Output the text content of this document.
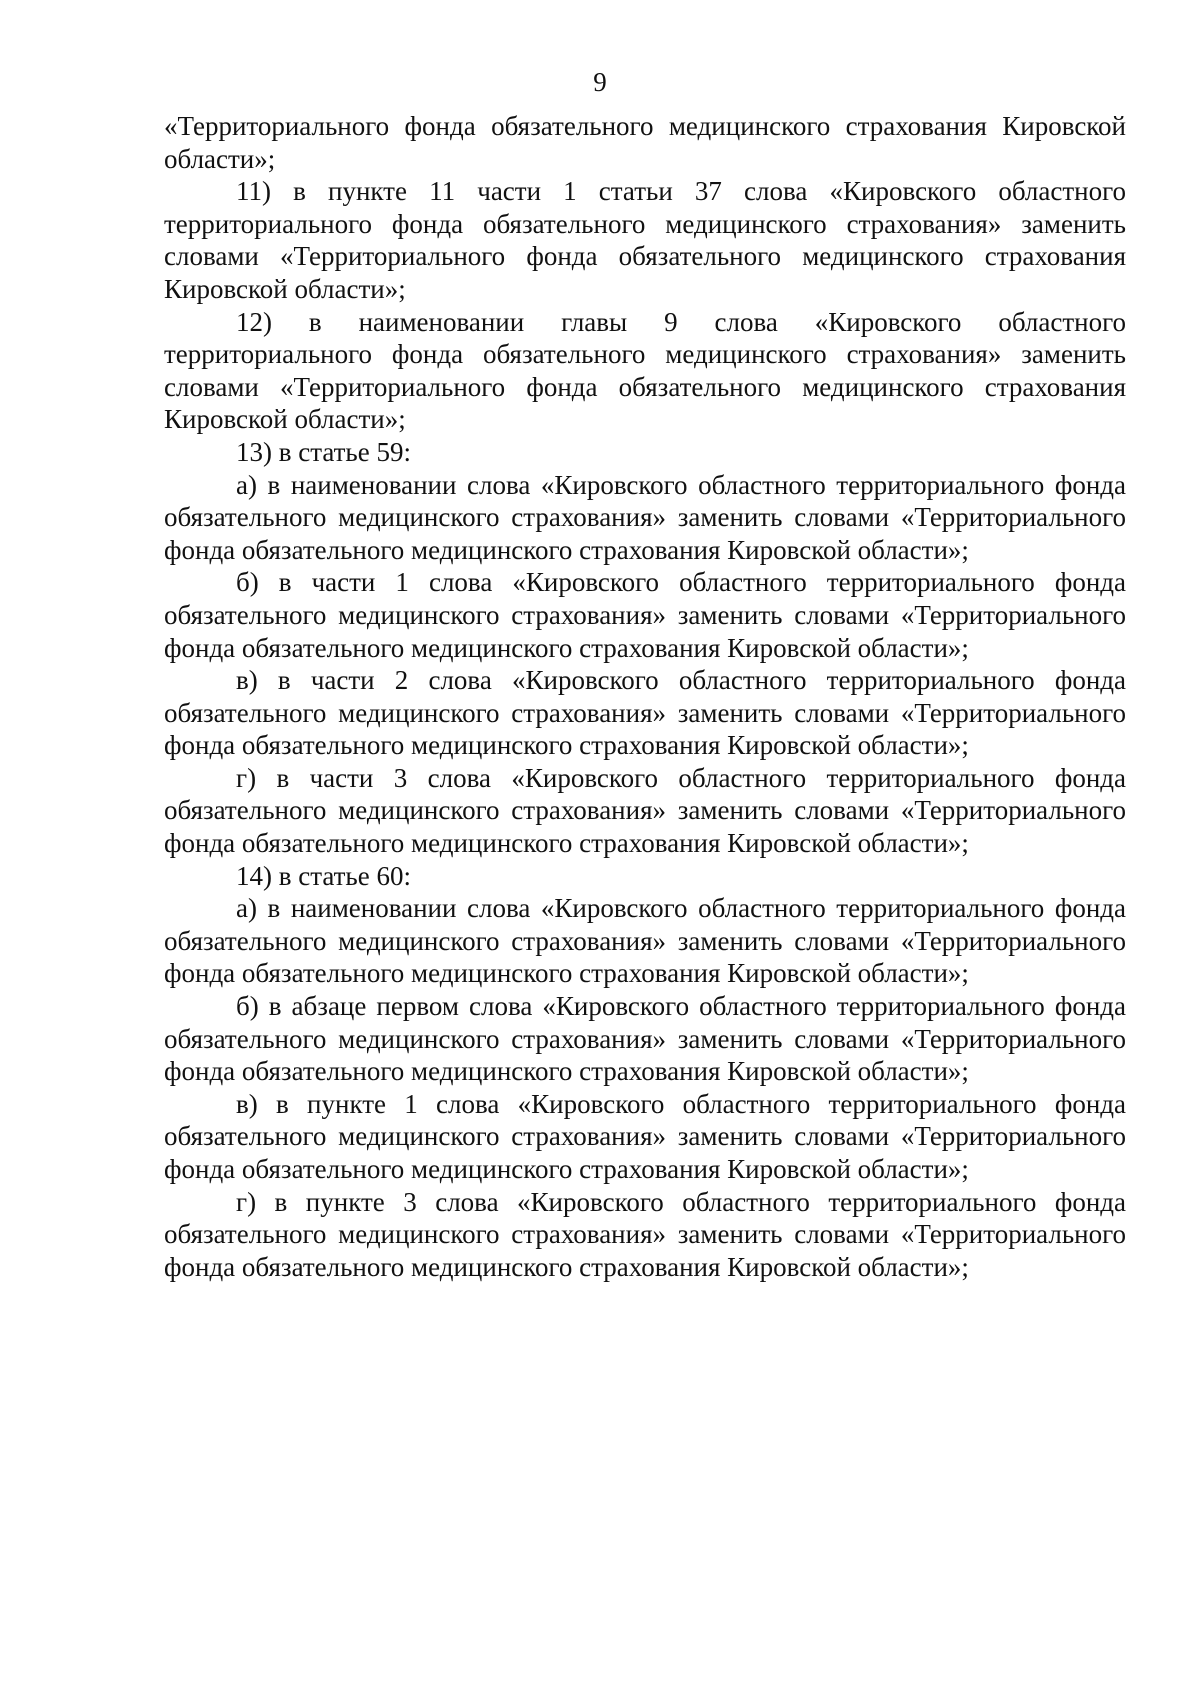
9

«Территориального фонда обязательного медицинского страхования Кировской области»;

11) в пункте 11 части 1 статьи 37 слова «Кировского областного территориального фонда обязательного медицинского страхования» заменить словами «Территориального фонда обязательного медицинского страхования Кировской области»;

12) в наименовании главы 9 слова «Кировского областного территориального фонда обязательного медицинского страхования» заменить словами «Территориального фонда обязательного медицинского страхования Кировской области»;

13) в статье 59:

а) в наименовании слова «Кировского областного территориального фонда обязательного медицинского страхования» заменить словами «Территориального фонда обязательного медицинского страхования Кировской области»;

б) в части 1 слова «Кировского областного территориального фонда обязательного медицинского страхования» заменить словами «Территориального фонда обязательного медицинского страхования Кировской области»;

в) в части 2 слова «Кировского областного территориального фонда обязательного медицинского страхования» заменить словами «Территориального фонда обязательного медицинского страхования Кировской области»;

г) в части 3 слова «Кировского областного территориального фонда обязательного медицинского страхования» заменить словами «Территориального фонда обязательного медицинского страхования Кировской области»;

14) в статье 60:

а) в наименовании слова «Кировского областного территориального фонда обязательного медицинского страхования» заменить словами «Территориального фонда обязательного медицинского страхования Кировской области»;

б) в абзаце первом слова «Кировского областного территориального фонда обязательного медицинского страхования» заменить словами «Территориального фонда обязательного медицинского страхования Кировской области»;

в) в пункте 1 слова «Кировского областного территориального фонда обязательного медицинского страхования» заменить словами «Территориального фонда обязательного медицинского страхования Кировской области»;

г) в пункте 3 слова «Кировского областного территориального фонда обязательного медицинского страхования» заменить словами «Территориального фонда обязательного медицинского страхования Кировской области»;
